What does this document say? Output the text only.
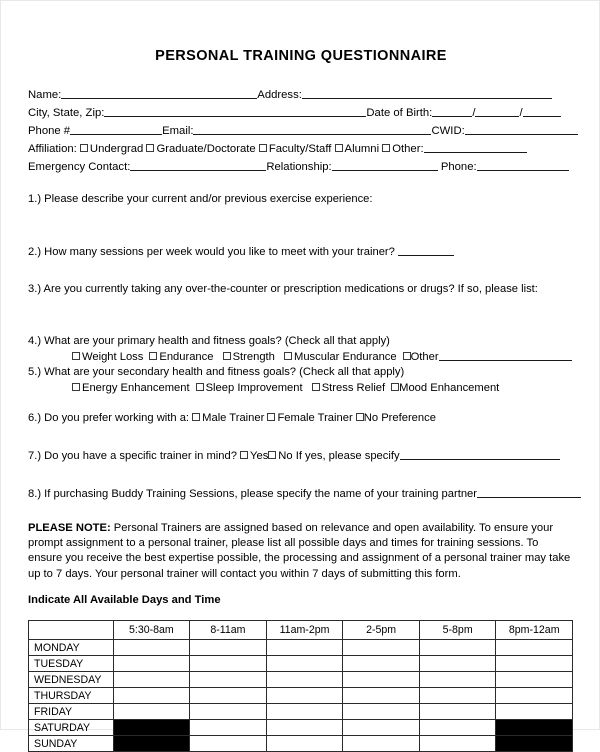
PERSONAL TRAINING QUESTIONNAIRE
Name:	Address:
City, State, Zip:	Date of Birth:	/	/
Phone #	Email:	CWID:
Affiliation: Undergrad Graduate/Doctorate Faculty/Staff Alumni Other:
Emergency Contact:	Relationship:	Phone:

1.) Please describe your current and/or previous exercise experience:

2.) How many sessions per week would you like to meet with your trainer?

3.) Are you currently taking any over-the-counter or prescription medications or drugs? If so, please list:

4.) What are your primary health and fitness goals? (Check all that apply)

Weight Loss Endurance Strength Muscular Endurance Other

5.) What are your secondary health and fitness goals? (Check all that apply)

Energy Enhancement Sleep Improvement Stress Relief Mood Enhancement

6.) Do you prefer working with a: Male Trainer Female Trainer No Preference

7.) Do you have a specific trainer in mind? Yes No If yes, please specify

8.) If purchasing Buddy Training Sessions, please specify the name of your training partner

PLEASE NOTE: Personal Trainers are assigned based on relevance and open availability. To ensure your prompt assignment to a personal trainer, please list all possible days and times for training sessions. To ensure you receive the best expertise possible, the processing and assignment of a personal trainer may take up to 7 days. Your personal trainer will contact you within 7 days of submitting this form.
Indicate All Available Days and Time
	5:30-8am	8-11am	11am-2pm	2-5pm	5-8pm	8pm-12am
MONDAY						
TUESDAY						
WEDNESDAY						
THURSDAY						
FRIDAY						
SATURDAY						
SUNDAY						
